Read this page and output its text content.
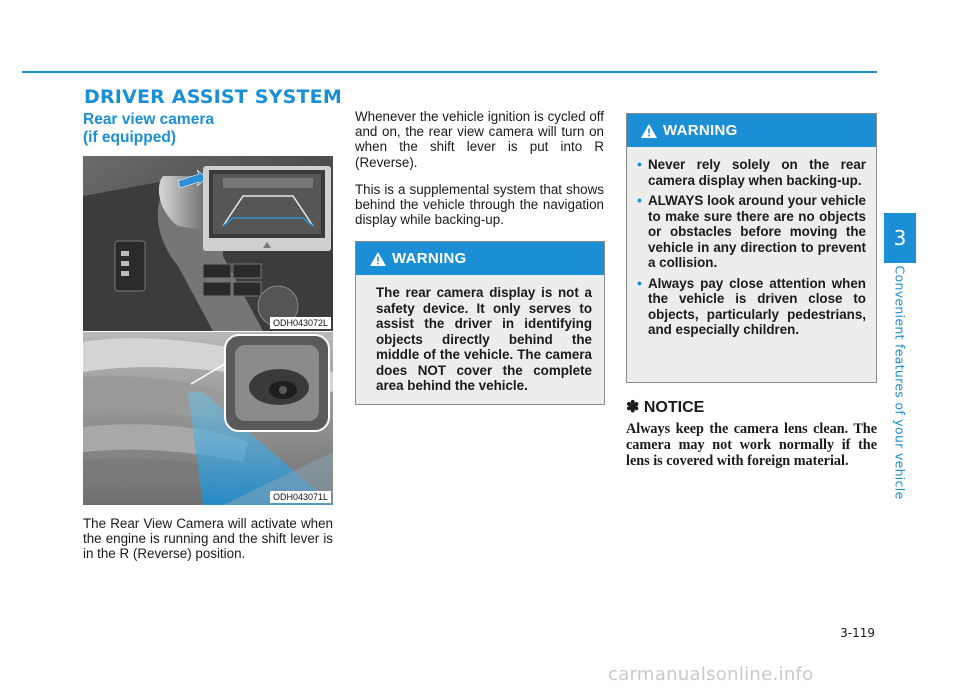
DRIVER ASSIST SYSTEM
3
Convenient features of your vehicle
Rear view camera
(if equipped)
ODH043072L
ODH043071L
The Rear View Camera will activate when the engine is running and the shift lever is in the R (Reverse) position.
Whenever the vehicle ignition is cycled off and on, the rear view camera will turn on when the shift lever is put into R (Reverse).
This is a supplemental system that shows behind the vehicle through the navigation display while backing-up.
WARNING
The rear camera display is not a safety device. It only serves to assist the driver in identifying objects directly behind the middle of the vehicle. The camera does NOT cover the complete area behind the vehicle.
WARNING
• Never rely solely on the rear camera display when backing-up.
• ALWAYS look around your vehicle to make sure there are no objects or obstacles before moving the vehicle in any direction to prevent a collision.
• Always pay close attention when the vehicle is driven close to objects, particularly pedestrians, and especially children.
✽ NOTICE
Always keep the camera lens clean. The camera may not work normally if the lens is covered with foreign material.
3-119
carmanualsonline.info
